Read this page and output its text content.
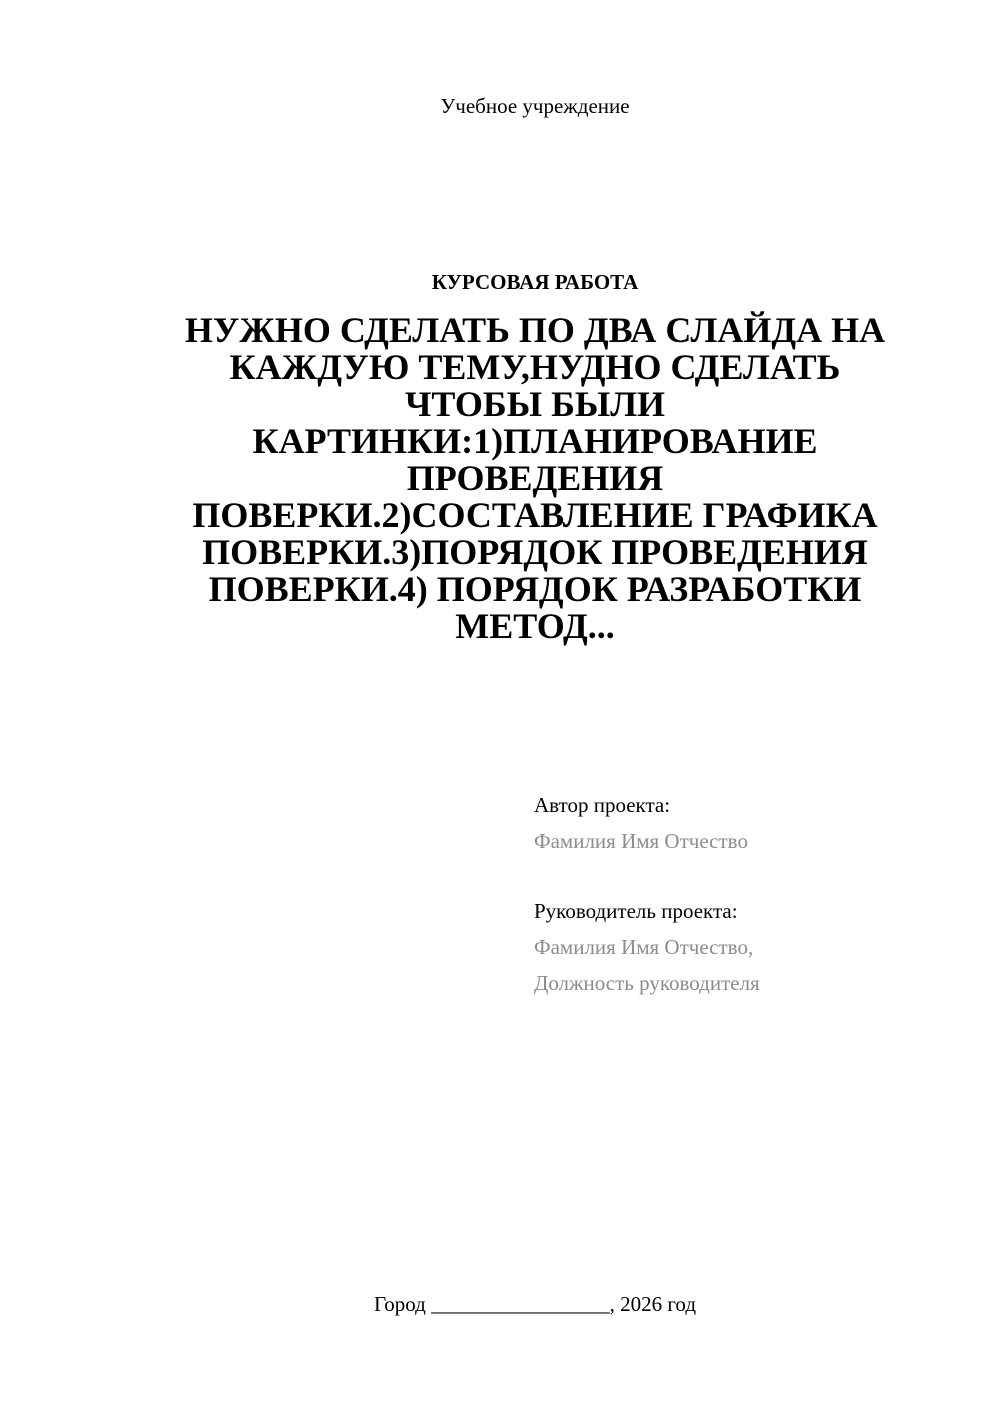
Учебное учреждение
КУРСОВАЯ РАБОТА
НУЖНО СДЕЛАТЬ ПО ДВА СЛАЙДА НА
КАЖДУЮ ТЕМУ,НУДНО СДЕЛАТЬ
ЧТОБЫ БЫЛИ
КАРТИНКИ:1)ПЛАНИРОВАНИЕ
ПРОВЕДЕНИЯ
ПОВЕРКИ.2)СОСТАВЛЕНИЕ ГРАФИКА
ПОВЕРКИ.3)ПОРЯДОК ПРОВЕДЕНИЯ
ПОВЕРКИ.4) ПОРЯДОК РАЗРАБОТКИ
МЕТОД...
Автор проекта:
Фамилия Имя Отчество
Руководитель проекта:
Фамилия Имя Отчество,
Должность руководителя
Город _________________, 2026 год
